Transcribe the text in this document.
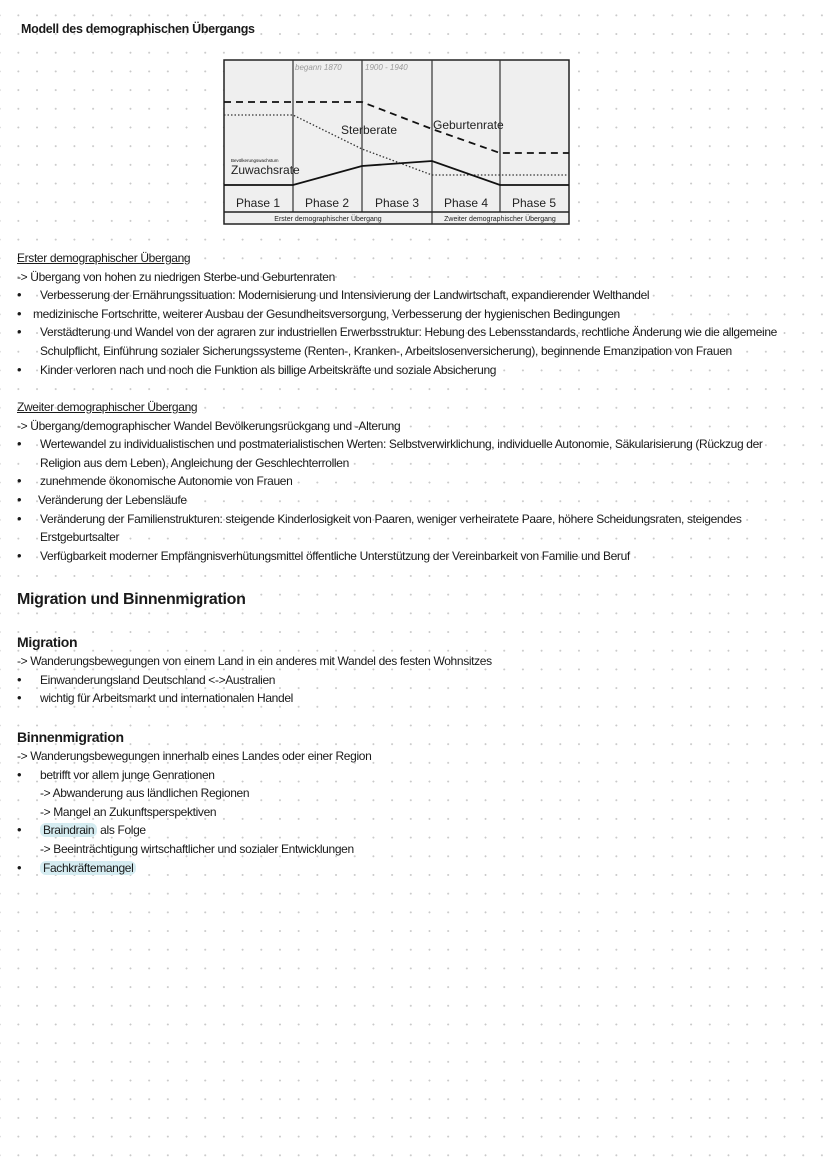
Modell des demographischen Übergangs
begann 1870	1900 - 1940
Bevölkerungswachstum
Sterberate	Geburtenrate
Zuwachsrate
Phase 1 Phase 2 Phase 3 Phase 4 Phase 5
Erster demographischer Übergang	Zweiter demographischer Übergang
Erster demographischer Übergang
-> Übergang von hohen zu niedrigen Sterbe-und Geburtenraten
• Verbesserung der Ernährungssituation: Modernisierung und Intensivierung der Landwirtschaft, expandierender Welthandel
• medizinische Fortschritte, weiterer Ausbau der Gesundheitsversorgung, Verbesserung der hygienischen Bedingungen
• Verstädterung und Wandel von der agraren zur industriellen Erwerbsstruktur: Hebung des Lebensstandards, rechtliche Änderung wie die allgemeine
Schulpflicht, Einführung sozialer Sicherungssysteme (Renten-, Kranken-, Arbeitslosenversicherung), beginnende Emanzipation von Frauen
• Kinder verloren nach und noch die Funktion als billige Arbeitskräfte und soziale Absicherung
Zweiter demographischer Übergang
-> Übergang/demographischer Wandel Bevölkerungsrückgang und -Alterung
• Wertewandel zu individualistischen und postmaterialistischen Werten: Selbstverwirklichung, individuelle Autonomie, Säkularisierung (Rückzug der
Religion aus dem Leben), Angleichung der Geschlechterrollen
• zunehmende ökonomische Autonomie von Frauen
• Veränderung der Lebensläufe
• Veränderung der Familienstrukturen: steigende Kinderlosigkeit von Paaren, weniger verheiratete Paare, höhere Scheidungsraten, steigendes
Erstgeburtsalter
• Verfügbarkeit moderner Empfängnisverhütungsmittel öffentliche Unterstützung der Vereinbarkeit von Familie und Beruf
Migration und Binnenmigration
Migration
-> Wanderungsbewegungen von einem Land in ein anderes mit Wandel des festen Wohnsitzes
• Einwanderungsland Deutschland <->Australien
• wichtig für Arbeitsmarkt und internationalen Handel
Binnenmigration
-> Wanderungsbewegungen innerhalb eines Landes oder einer Region
• betrifft vor allem junge Genrationen
-> Abwanderung aus ländlichen Regionen
-> Mangel an Zukunftsperspektiven
• Braindrain als Folge
-> Beeinträchtigung wirtschaftlicher und sozialer Entwicklungen
• Fachkräftemangel
